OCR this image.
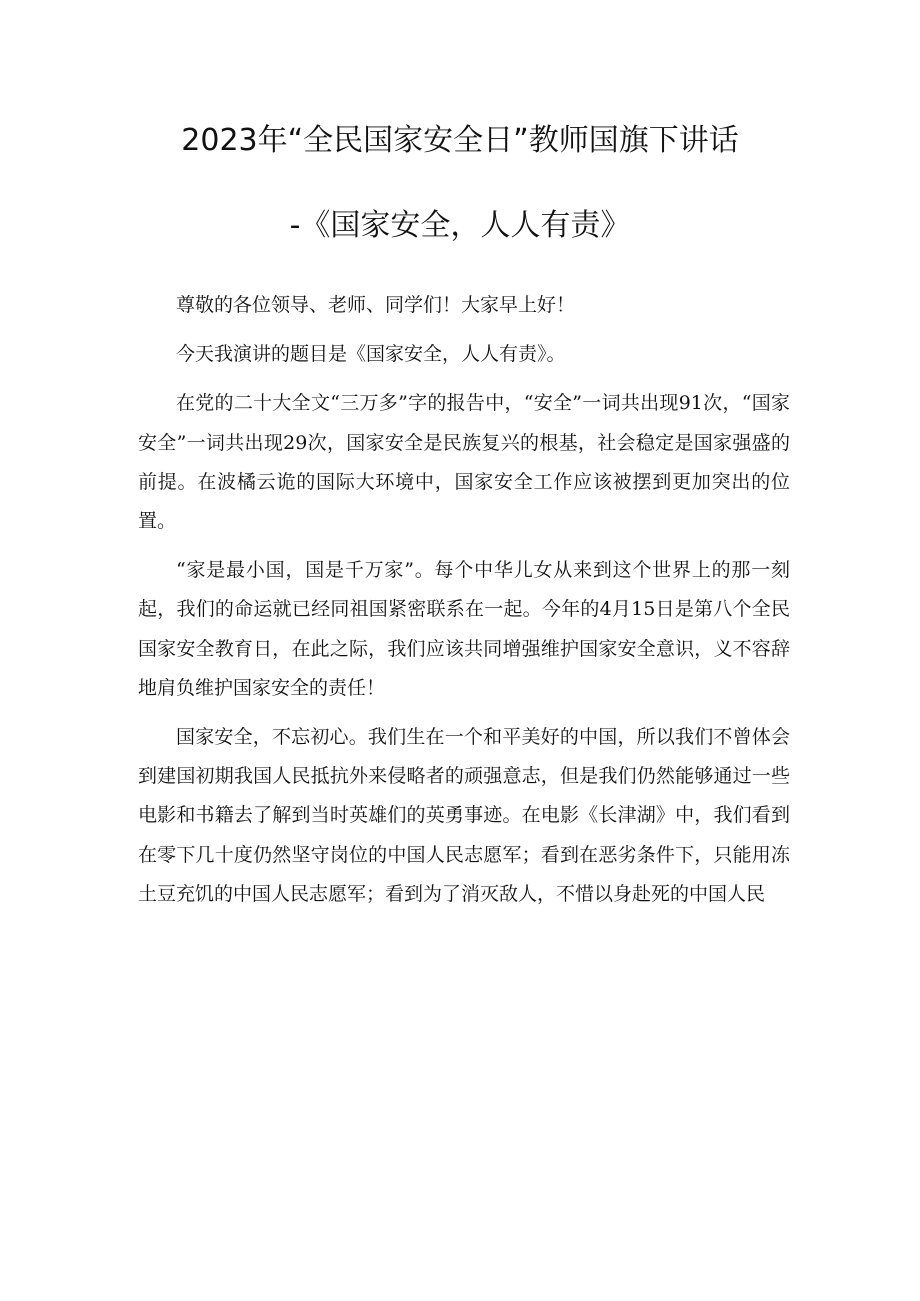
2023年“全民国家安全日”教师国旗下讲话
-《国家安全，人人有责》

尊敬的各位领导、老师、同学们！大家早上好！

今天我演讲的题目是《国家安全，人人有责》。

在党的二十大全文“三万多”字的报告中，“安全”一词共出现91次，“国家安全”一词共出现29次，国家安全是民族复兴的根基，社会稳定是国家强盛的前提。在波橘云诡的国际大环境中，国家安全工作应该被摆到更加突出的位置。

“家是最小国，国是千万家”。每个中华儿女从来到这个世界上的那一刻起，我们的命运就已经同祖国紧密联系在一起。今年的4月15日是第八个全民国家安全教育日，在此之际，我们应该共同增强维护国家安全意识，义不容辞地肩负维护国家安全的责任！

国家安全，不忘初心。我们生在一个和平美好的中国，所以我们不曾体会到建国初期我国人民抵抗外来侵略者的顽强意志，但是我们仍然能够通过一些电影和书籍去了解到当时英雄们的英勇事迹。在电影《长津湖》中，我们看到在零下几十度仍然坚守岗位的中国人民志愿军；看到在恶劣条件下，只能用冻土豆充饥的中国人民志愿军；看到为了消灭敌人，不惜以身赴死的中国人民
